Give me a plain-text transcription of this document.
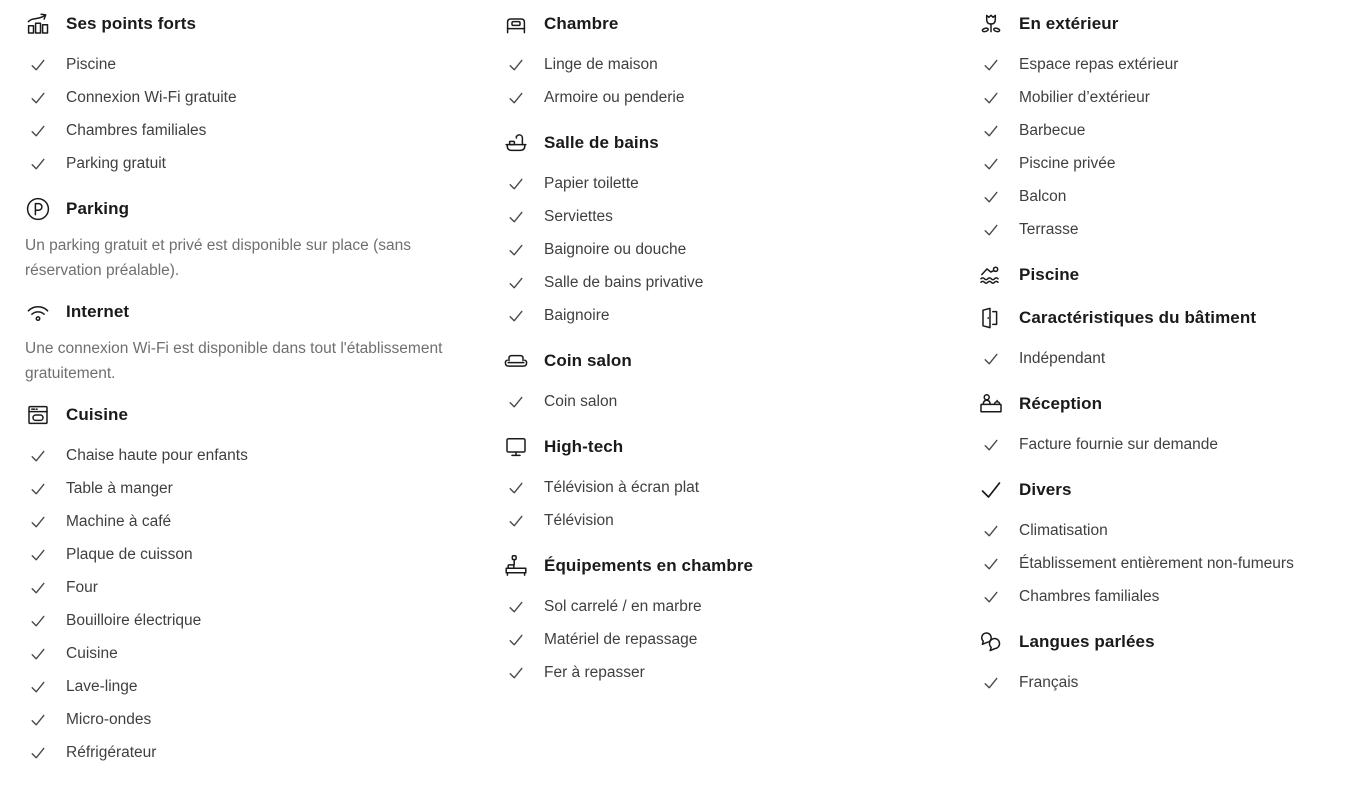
Ses points forts
Piscine
Connexion Wi-Fi gratuite
Chambres familiales
Parking gratuit
Parking

Un parking gratuit et privé est disponible sur place (sans réservation préalable).

Internet

Une connexion Wi-Fi est disponible dans tout l'établissement gratuitement.

Cuisine
Chaise haute pour enfants
Table à manger
Machine à café
Plaque de cuisson
Four
Bouilloire électrique
Cuisine
Lave-linge
Micro-ondes
Réfrigérateur
Chambre
Linge de maison
Armoire ou penderie
Salle de bains
Papier toilette
Serviettes
Baignoire ou douche
Salle de bains privative
Baignoire
Coin salon
Coin salon
High-tech
Télévision à écran plat
Télévision
Équipements en chambre
Sol carrelé / en marbre
Matériel de repassage
Fer à repasser
En extérieur
Espace repas extérieur
Mobilier d’extérieur
Barbecue
Piscine privée
Balcon
Terrasse
Piscine
Caractéristiques du bâtiment
Indépendant
Réception
Facture fournie sur demande
Divers
Climatisation
Établissement entièrement non-fumeurs
Chambres familiales
Langues parlées
Français
